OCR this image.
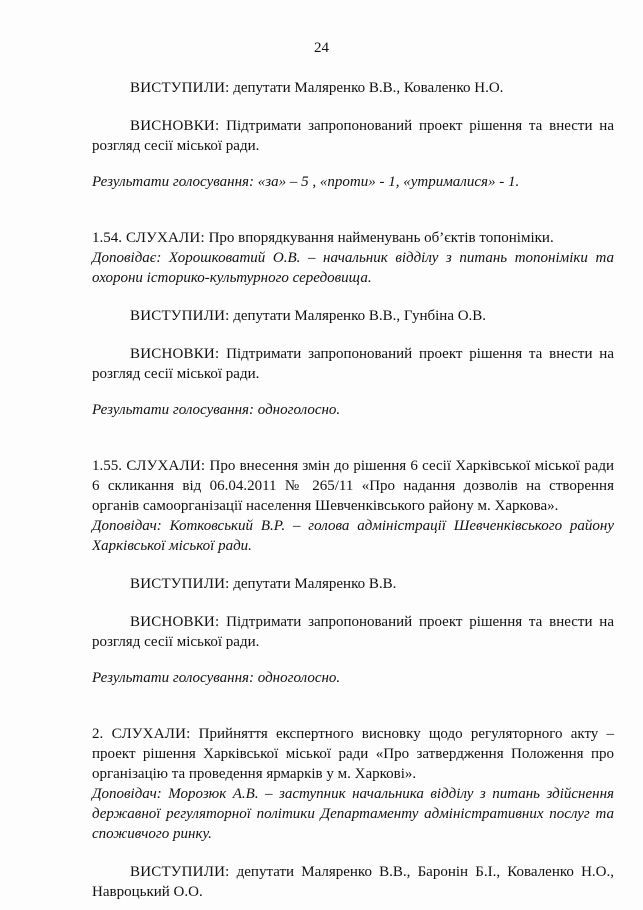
24

ВИСТУПИЛИ: депутати Маляренко В.В., Коваленко Н.О.

ВИСНОВКИ: Підтримати запропонований проект рішення та внести на розгляд сесії міської ради.

Результати голосування: «за» – 5 , «проти» - 1, «утрималися» - 1.

1.54. СЛУХАЛИ: Про впорядкування найменувань об’єктів топоніміки.

Доповідає: Хорошковатий О.В. – начальник відділу з питань топоніміки та охорони історико-культурного середовища.

ВИСТУПИЛИ: депутати Маляренко В.В., Гунбіна О.В.

ВИСНОВКИ: Підтримати запропонований проект рішення та внести на розгляд сесії міської ради.

Результати голосування: одноголосно.

1.55. СЛУХАЛИ: Про внесення змін до рішення 6 сесії Харківської міської ради 6 скликання від 06.04.2011 № 265/11 «Про надання дозволів на створення органів самоорганізації населення Шевченківського району м. Харкова».

Доповідач: Котковський В.Р. – голова адміністрації Шевченківського району Харківської міської ради.

ВИСТУПИЛИ: депутати Маляренко В.В.

ВИСНОВКИ: Підтримати запропонований проект рішення та внести на розгляд сесії міської ради.

Результати голосування: одноголосно.

2. СЛУХАЛИ: Прийняття експертного висновку щодо регуляторного акту – проект рішення Харківської міської ради «Про затвердження Положення про організацію та проведення ярмарків у м. Харкові».

Доповідач: Морозюк А.В. – заступник начальника відділу з питань здійснення державної регуляторної політики Департаменту адміністративних послуг та споживчого ринку.

ВИСТУПИЛИ: депутати Маляренко В.В., Баронін Б.І., Коваленко Н.О., Навроцький О.О.
